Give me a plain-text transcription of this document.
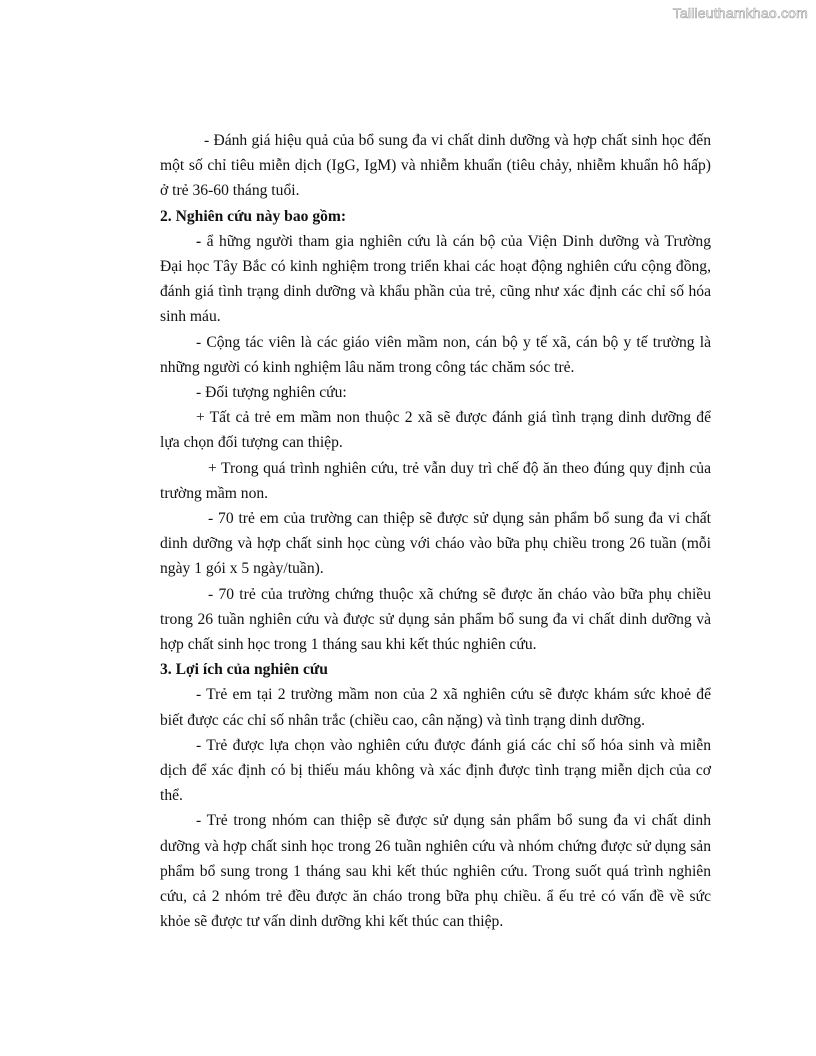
Tailieuthamkhao.com

- Đánh giá hiệu quả của bổ sung đa vi chất dinh dưỡng và hợp chất sinh học đến một số chỉ tiêu miễn dịch (IgG, IgM) và nhiễm khuẩn (tiêu chảy, nhiễm khuẩn hô hấp) ở trẻ 36-60 tháng tuổi.

2. Nghiên cứu này bao gồm:

- ẩ hững người tham gia nghiên cứu là cán bộ của Viện Dinh dưỡng và Trường Đại học Tây Bắc có kinh nghiệm trong triển khai các hoạt động nghiên cứu cộng đồng, đánh giá tình trạng dinh dưỡng và khẩu phần của trẻ, cũng như xác định các chỉ số hóa sinh máu.

- Cộng tác viên là các giáo viên mầm non, cán bộ y tế xã, cán bộ y tế trường là những người có kinh nghiệm lâu năm trong công tác chăm sóc trẻ.

- Đối tượng nghiên cứu:

+ Tất cả trẻ em mầm non thuộc 2 xã sẽ được đánh giá tình trạng dinh dưỡng để lựa chọn đối tượng can thiệp.

+ Trong quá trình nghiên cứu, trẻ vẫn duy trì chế độ ăn theo đúng quy định của trường mầm non.

- 70 trẻ em của trường can thiệp sẽ được sử dụng sản phẩm bổ sung đa vi chất dinh dưỡng và hợp chất sinh học cùng với cháo vào bữa phụ chiều trong 26 tuần (mỗi ngày 1 gói x 5 ngày/tuần).

- 70 trẻ của trường chứng thuộc xã chứng sẽ được ăn cháo vào bữa phụ chiều trong 26 tuần nghiên cứu và được sử dụng sản phẩm bổ sung đa vi chất dinh dưỡng và hợp chất sinh học trong 1 tháng sau khi kết thúc nghiên cứu.

3. Lợi ích của nghiên cứu

- Trẻ em tại 2 trường mầm non của 2 xã nghiên cứu sẽ được khám sức khoẻ để biết được các chỉ số nhân trắc (chiều cao, cân nặng) và tình trạng dinh dưỡng.

- Trẻ được lựa chọn vào nghiên cứu được đánh giá các chỉ số hóa sinh và miễn dịch để xác định có bị thiếu máu không và xác định được tình trạng miễn dịch của cơ thể.

- Trẻ trong nhóm can thiệp sẽ được sử dụng sản phẩm bổ sung đa vi chất dinh dưỡng và hợp chất sinh học trong 26 tuần nghiên cứu và nhóm chứng được sử dụng sản phẩm bổ sung trong 1 tháng sau khi kết thúc nghiên cứu. Trong suốt quá trình nghiên cứu, cả 2 nhóm trẻ đều được ăn cháo trong bữa phụ chiều. ẩ ếu trẻ có vấn đề về sức khỏe sẽ được tư vấn dinh dưỡng khi kết thúc can thiệp.
